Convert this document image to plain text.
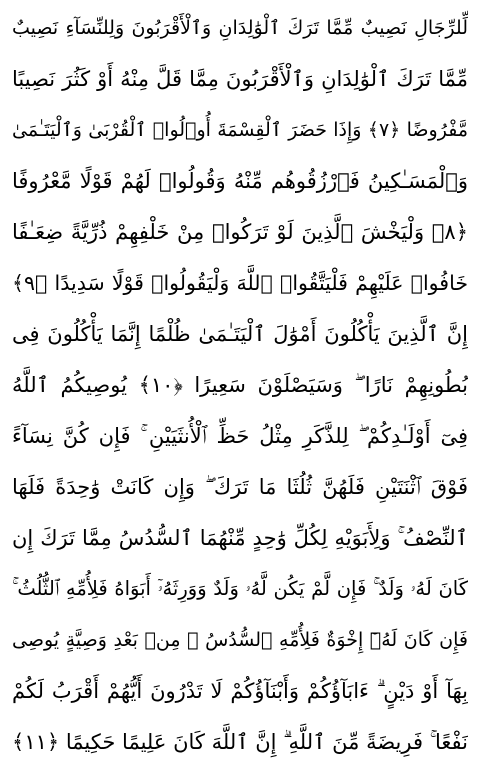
لِّلرِّجَالِ نَصِيبٌ مِّمَّا تَرَكَ ٱلْوَٰلِدَانِ وَٱلْأَقْرَبُونَ وَلِلنِّسَآءِ نَصِيبٌ
مِّمَّا تَرَكَ ٱلْوَٰلِدَانِ وَٱلْأَقْرَبُونَ مِمَّا قَلَّ مِنْهُ أَوْ كَثُرَ نَصِيبًا
مَّفْرُوضًا ﴿٧﴾ وَإِذَا حَضَرَ ٱلْقِسْمَةَ أُو۟لُوا۟ ٱلْقُرْبَىٰ وَٱلْيَتَـٰمَىٰ
وَٱلْمَسَـٰكِينُ فَٱرْزُقُوهُم مِّنْهُ وَقُولُوا۟ لَهُمْ قَوْلًا مَّعْرُوفًا
﴿٨﴾ وَلْيَخْشَ ٱلَّذِينَ لَوْ تَرَكُوا۟ مِنْ خَلْفِهِمْ ذُرِّيَّةً ضِعَـٰفًا
خَافُوا۟ عَلَيْهِمْ فَلْيَتَّقُوا۟ ٱللَّهَ وَلْيَقُولُوا۟ قَوْلًا سَدِيدًا ﴿٩﴾
إِنَّ ٱلَّذِينَ يَأْكُلُونَ أَمْوَٰلَ ٱلْيَتَـٰمَىٰ ظُلْمًا إِنَّمَا يَأْكُلُونَ فِى
بُطُونِهِمْ نَارًا ۖ وَسَيَصْلَوْنَ سَعِيرًا ﴿١٠﴾ يُوصِيكُمُ ٱللَّهُ
فِىٓ أَوْلَـٰدِكُمْ ۖ لِلذَّكَرِ مِثْلُ حَظِّ ٱلْأُنثَيَيْنِ ۚ فَإِن كُنَّ نِسَآءً
فَوْقَ ٱثْنَتَيْنِ فَلَهُنَّ ثُلُثَا مَا تَرَكَ ۖ وَإِن كَانَتْ وَٰحِدَةً فَلَهَا
ٱلنِّصْفُ ۚ وَلِأَبَوَيْهِ لِكُلِّ وَٰحِدٍ مِّنْهُمَا ٱلسُّدُسُ مِمَّا تَرَكَ إِن
كَانَ لَهُۥ وَلَدٌ ۚ فَإِن لَّمْ يَكُن لَّهُۥ وَلَدٌ وَوَرِثَهُۥٓ أَبَوَاهُ فَلِأُمِّهِ ٱلثُّلُثُ ۚ
فَإِن كَانَ لَهُۥٓ إِخْوَةٌ فَلِأُمِّهِ ٱلسُّدُسُ ۚ مِنۢ بَعْدِ وَصِيَّةٍ يُوصِى
بِهَآ أَوْ دَيْنٍ ۗ ءَابَآؤُكُمْ وَأَبْنَآؤُكُمْ لَا تَدْرُونَ أَيُّهُمْ أَقْرَبُ لَكُمْ
نَفْعًا ۚ فَرِيضَةً مِّنَ ٱللَّهِ ۗ إِنَّ ٱللَّهَ كَانَ عَلِيمًا حَكِيمًا ﴿١١﴾
